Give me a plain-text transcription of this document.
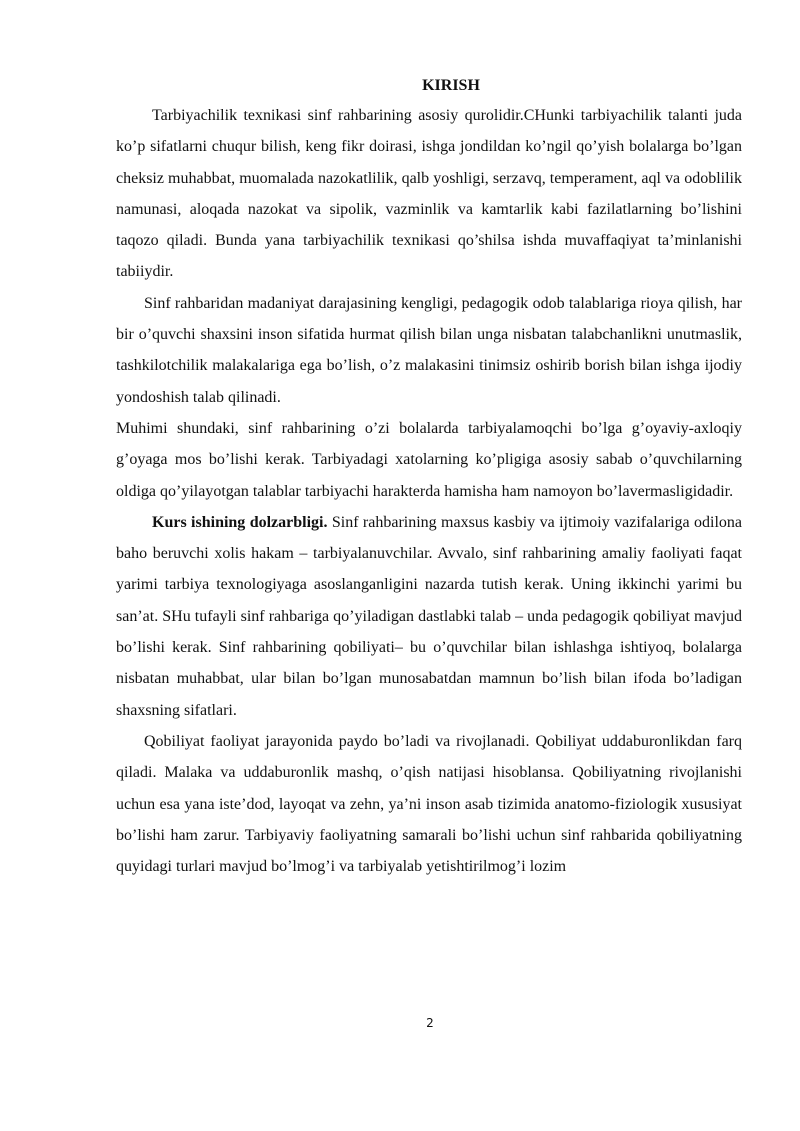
KIRISH

Tarbiyachilik texnikasi sinf rahbarining asosiy qurolidir.CHunki tarbiyachilik talanti juda ko’p sifatlarni chuqur bilish, keng fikr doirasi, ishga jondildan ko’ngil qo’yish bolalarga bo’lgan cheksiz muhabbat, muomalada nazokatlilik, qalb yoshligi, serzavq, temperament, aql va odoblilik namunasi, aloqada nazokat va sipolik, vazminlik va kamtarlik kabi fazilatlarning bo’lishini taqozo qiladi. Bunda yana tarbiyachilik texnikasi qo’shilsa ishda muvaffaqiyat ta’minlanishi tabiiydir.

Sinf rahbaridan madaniyat darajasining kengligi, pedagogik odob talablariga rioya qilish, har bir o’quvchi shaxsini inson sifatida hurmat qilish bilan unga nisbatan talabchanlikni unutmaslik, tashkilotchilik malakalariga ega bo’lish, o’z malakasini tinimsiz oshirib borish bilan ishga ijodiy yondoshish talab qilinadi.

Muhimi shundaki, sinf rahbarining o’zi bolalarda tarbiyalamoqchi bo’lga g’oyaviy-axloqiy g’oyaga mos bo’lishi kerak. Tarbiyadagi xatolarning ko’pligiga asosiy sabab o’quvchilarning oldiga qo’yilayotgan talablar tarbiyachi harakterda hamisha ham namoyon bo’lavermasligidadir.

Kurs ishining dolzarbligi. Sinf rahbarining maxsus kasbiy va ijtimoiy vazifalariga odilona baho beruvchi xolis hakam – tarbiyalanuvchilar. Avvalo, sinf rahbarining amaliy faoliyati faqat yarimi tarbiya texnologiyaga asoslanganligini nazarda tutish kerak. Uning ikkinchi yarimi bu san’at. SHu tufayli sinf rahbariga qo’yiladigan dastlabki talab – unda pedagogik qobiliyat mavjud bo’lishi kerak. Sinf rahbarining qobiliyati– bu o’quvchilar bilan ishlashga ishtiyoq, bolalarga nisbatan muhabbat, ular bilan bo’lgan munosabatdan mamnun bo’lish bilan ifoda bo’ladigan shaxsning sifatlari.

Qobiliyat faoliyat jarayonida paydo bo’ladi va rivojlanadi. Qobiliyat uddaburonlikdan farq qiladi. Malaka va uddaburonlik mashq, o’qish natijasi hisoblansa. Qobiliyatning rivojlanishi uchun esa yana iste’dod, layoqat va zehn, ya’ni inson asab tizimida anatomo-fiziologik xususiyat bo’lishi ham zarur. Tarbiyaviy faoliyatning samarali bo’lishi uchun sinf rahbarida qobiliyatning quyidagi turlari mavjud bo’lmog’i va tarbiyalab yetishtirilmog’i lozim

2
